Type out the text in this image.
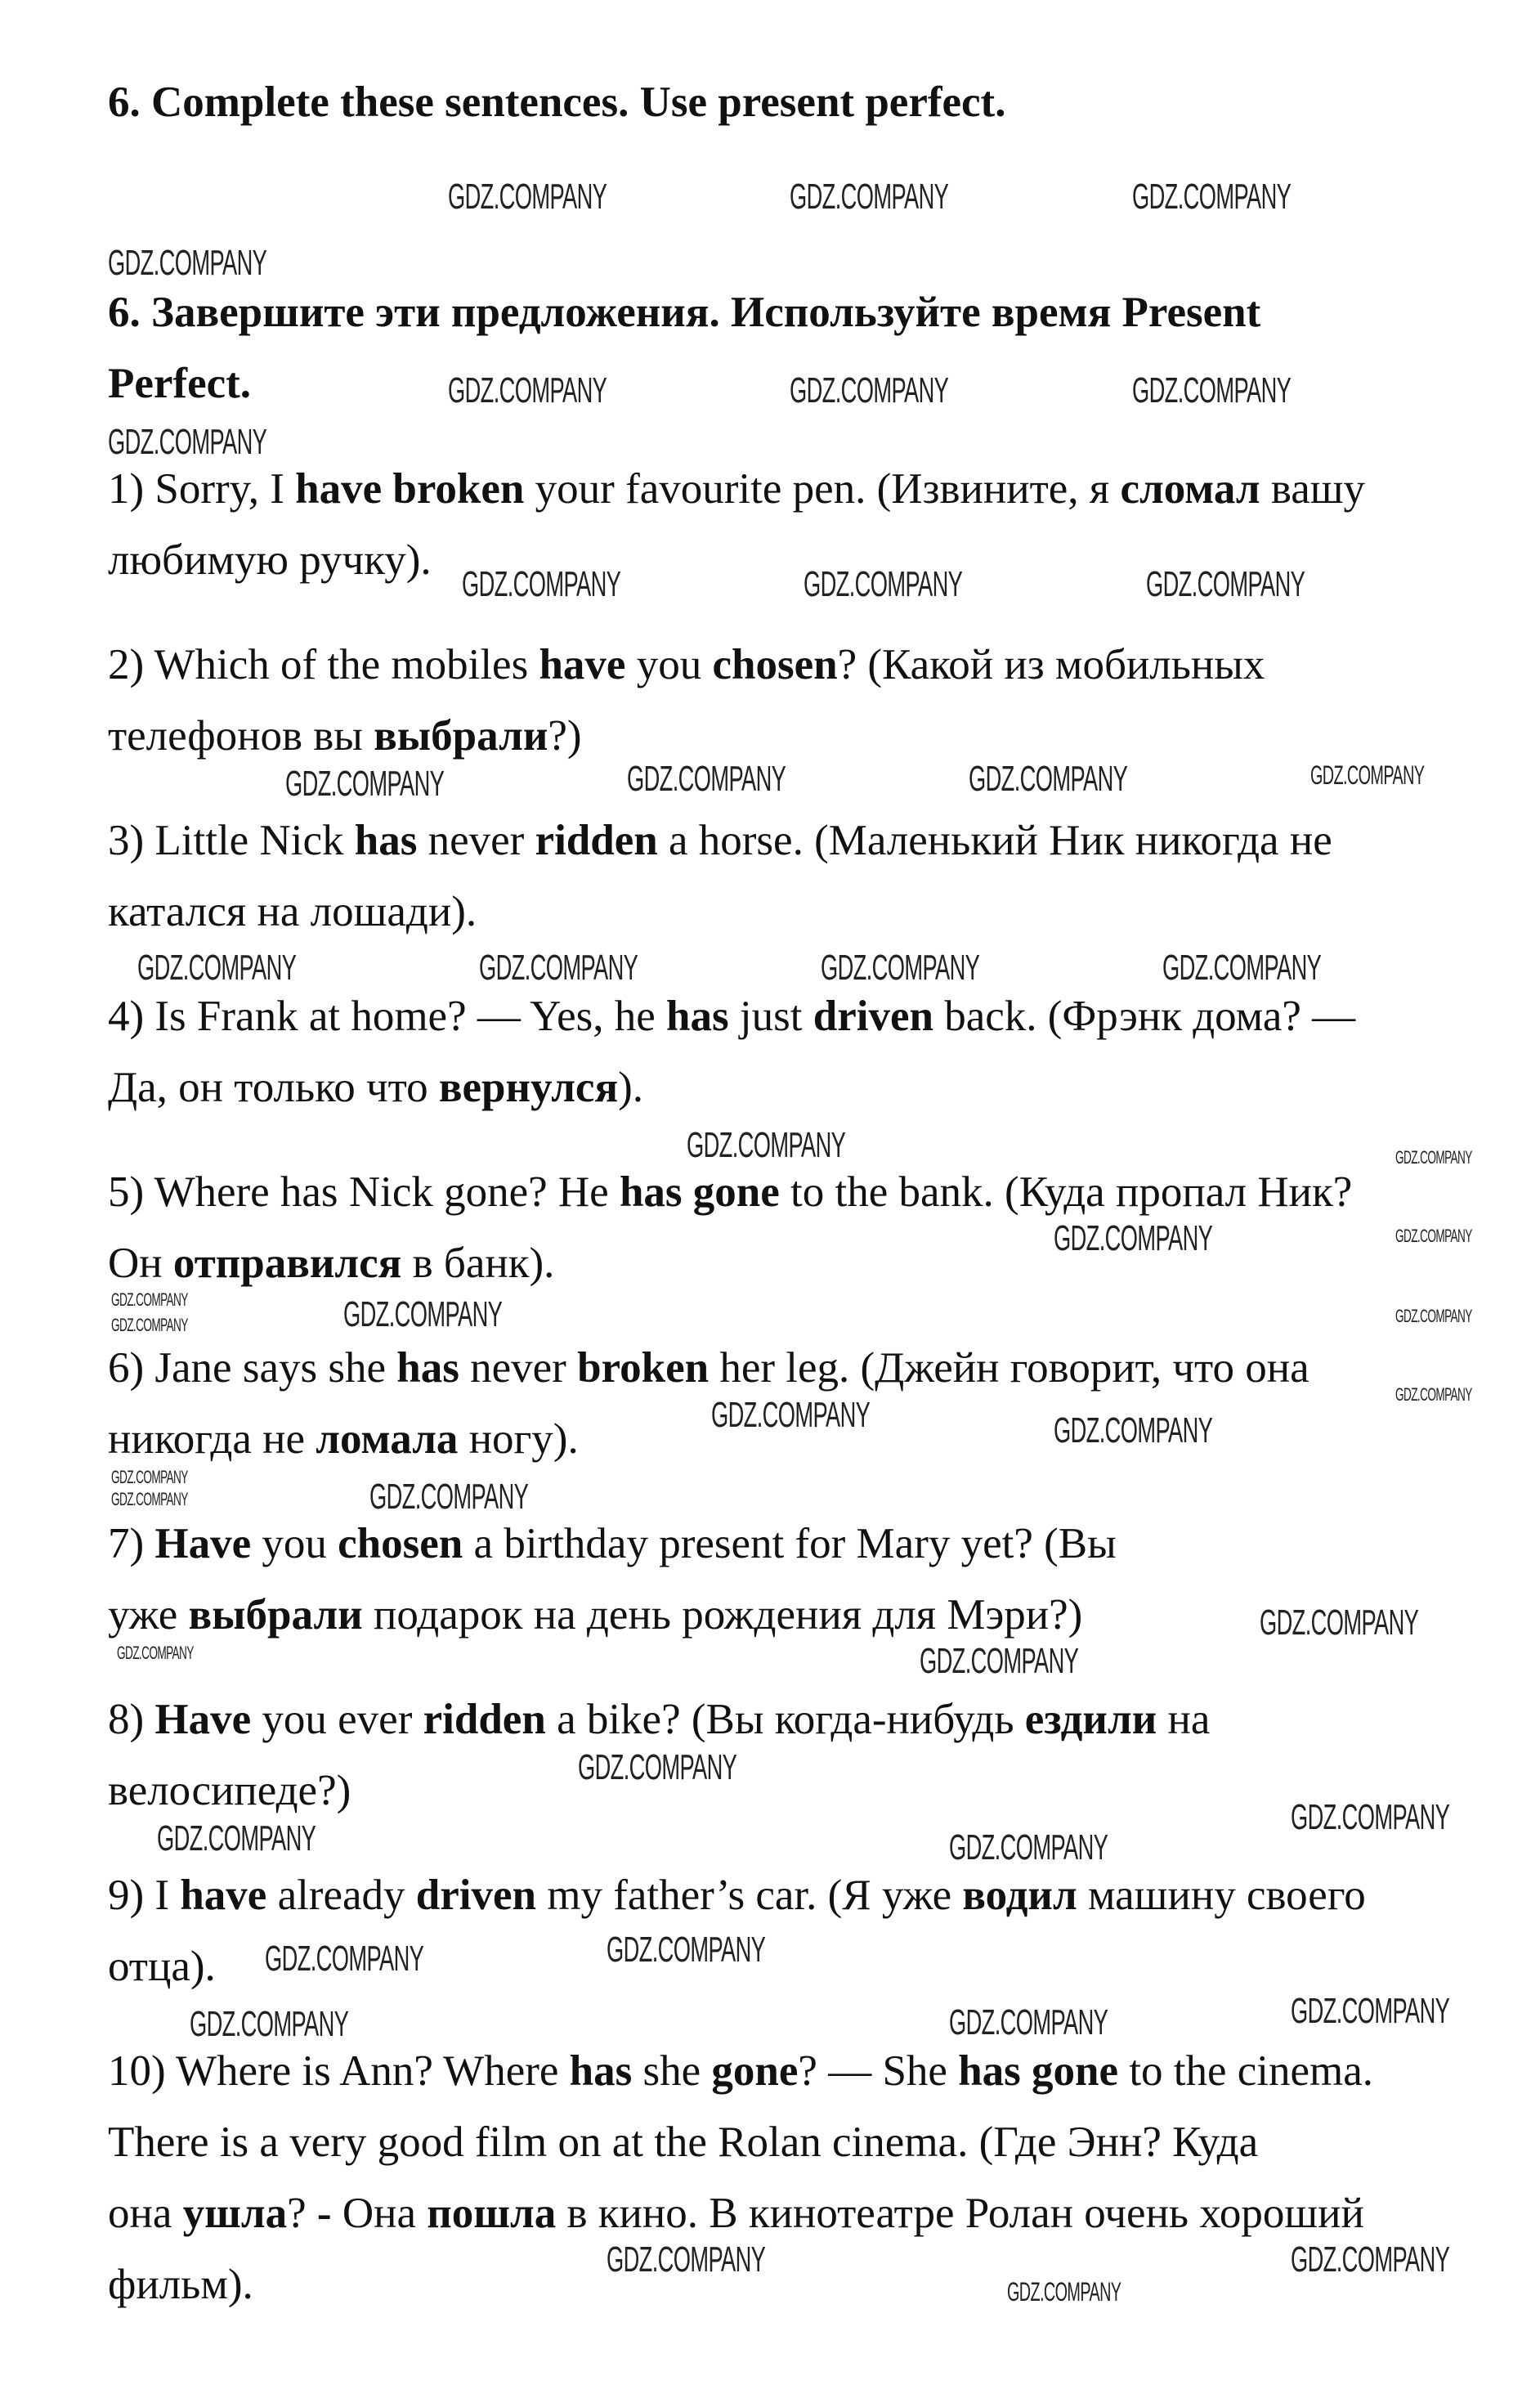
6. Complete these sentences. Use present perfect.
6. Завершите эти предложения. Используйте время Present
Perfect.
1) Sorry, I have broken your favourite pen. (Извините, я сломал вашу
любимую ручку).
2) Which of the mobiles have you chosen? (Какой из мобильных
телефонов вы выбрали?)
3) Little Nick has never ridden a horse. (Маленький Ник никогда не
катался на лошади).
4) Is Frank at home? — Yes, he has just driven back. (Фрэнк дома? —
Да, он только что вернулся).
5) Where has Nick gone? He has gone to the bank. (Куда пропал Ник?
Он отправился в банк).
6) Jane says she has never broken her leg. (Джейн говорит, что она
никогда не ломала ногу).
7) Have you chosen a birthday present for Mary yet? (Вы
уже выбрали подарок на день рождения для Мэри?)
8) Have you ever ridden a bike? (Вы когда-нибудь ездили на
велосипеде?)
9) I have already driven my father’s car. (Я уже водил машину своего
отца).
10) Where is Ann? Where has she gone? — She has gone to the cinema.
There is a very good film on at the Rolan cinema. (Где Энн? Куда
она ушла? - Она пошла в кино. В кинотеатре Ролан очень хороший
фильм).
GDZ.COMPANY	GDZ.COMPANY	GDZ.COMPANY
GDZ.COMPANY
GDZ.COMPANY	GDZ.COMPANY	GDZ.COMPANY
GDZ.COMPANY
GDZ.COMPANY	GDZ.COMPANY	GDZ.COMPANY
GDZ.COMPANY	GDZ.COMPANY	GDZ.COMPANY
GDZ.COMPANY	GDZ.COMPANY	GDZ.COMPANY	GDZ.COMPANY
GDZ.COMPANY
GDZ.COMPANY
GDZ.COMPANY
GDZ.COMPANY	GDZ.COMPANY
GDZ.COMPANY
GDZ.COMPANY
GDZ.COMPANY
GDZ.COMPANY
GDZ.COMPANY
GDZ.COMPANY
GDZ.COMPANY
GDZ.COMPANY	GDZ.COMPANY
GDZ.COMPANY
GDZ.COMPANY
GDZ.COMPANY
GDZ.COMPANY	GDZ.COMPANY
GDZ.COMPANY
GDZ.COMPANY
GDZ.COMPANY
GDZ.COMPANY
GDZ.COMPANY
GDZ.COMPANY
GDZ.COMPANY
GDZ.COMPANY
GDZ.COMPANY
GDZ.COMPANY
GDZ.COMPANY
